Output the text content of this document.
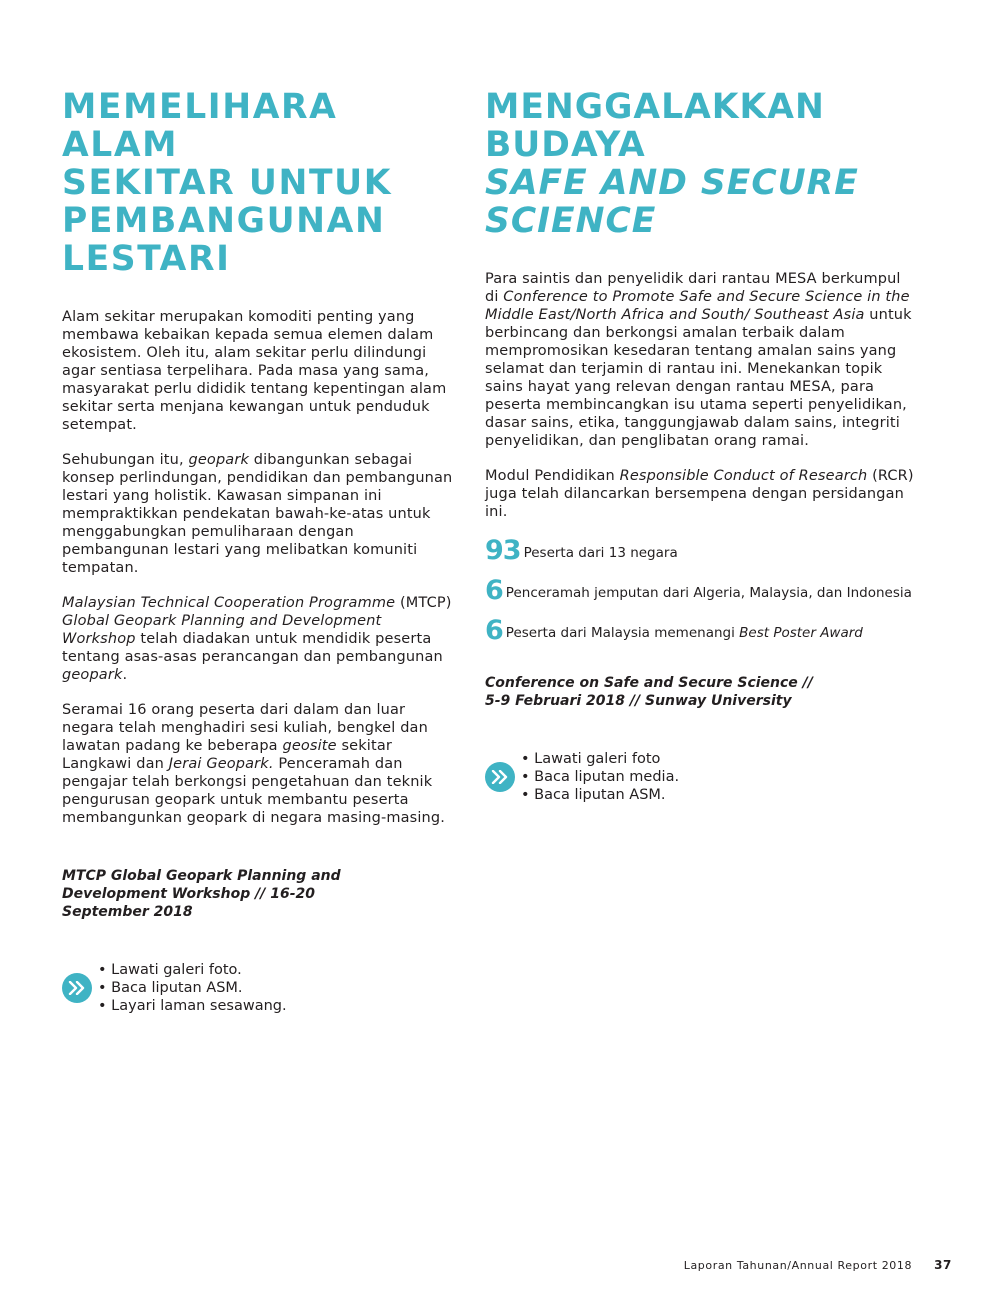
MEMELIHARA ALAM
SEKITAR UNTUK
PEMBANGUNAN
LESTARI

Alam sekitar merupakan komoditi penting yang membawa kebaikan kepada semua elemen dalam ekosistem. Oleh itu, alam sekitar perlu dilindungi agar sentiasa terpelihara. Pada masa yang sama, masyarakat perlu dididik tentang kepentingan alam sekitar serta menjana kewangan untuk penduduk setempat.

Sehubungan itu, geopark dibangunkan sebagai konsep perlindungan, pendidikan dan pembangunan lestari yang holistik. Kawasan simpanan ini mempraktikkan pendekatan bawah-ke-atas untuk menggabungkan pemuliharaan dengan pembangunan lestari yang melibatkan komuniti tempatan.

Malaysian Technical Cooperation Programme (MTCP) Global Geopark Planning and Development Workshop telah diadakan untuk mendidik peserta tentang asas-asas perancangan dan pembangunan geopark.

Seramai 16 orang peserta dari dalam dan luar negara telah menghadiri sesi kuliah, bengkel dan lawatan padang ke beberapa geosite sekitar Langkawi dan Jerai Geopark. Penceramah dan pengajar telah berkongsi pengetahuan dan teknik pengurusan geopark untuk membantu peserta membangunkan geopark di negara masing-masing.

MTCP Global Geopark Planning and
Development Workshop // 16-20
September 2018
• Lawati galeri foto.
• Baca liputan ASM.
• Layari laman sesawang.
MENGGALAKKAN
BUDAYA
SAFE AND SECURE
SCIENCE

Para saintis dan penyelidik dari rantau MESA berkumpul di Conference to Promote Safe and Secure Science in the Middle East/North Africa and South/ Southeast Asia untuk berbincang dan berkongsi amalan terbaik dalam mempromosikan kesedaran tentang amalan sains yang selamat dan terjamin di rantau ini. Menekankan topik sains hayat yang relevan dengan rantau MESA, para peserta membincangkan isu utama seperti penyelidikan, dasar sains, etika, tanggungjawab dalam sains, integriti penyelidikan, dan penglibatan orang ramai.

Modul Pendidikan Responsible Conduct of Research (RCR) juga telah dilancarkan bersempena dengan persidangan ini.

93 Peserta dari 13 negara
6 Penceramah jemputan dari Algeria, Malaysia, dan Indonesia
6 Peserta dari Malaysia memenangi Best Poster Award
Conference on Safe and Secure Science //
5-9 Februari 2018 // Sunway University
• Lawati galeri foto
• Baca liputan media.
• Baca liputan ASM.
Laporan Tahunan/Annual Report 2018 37
